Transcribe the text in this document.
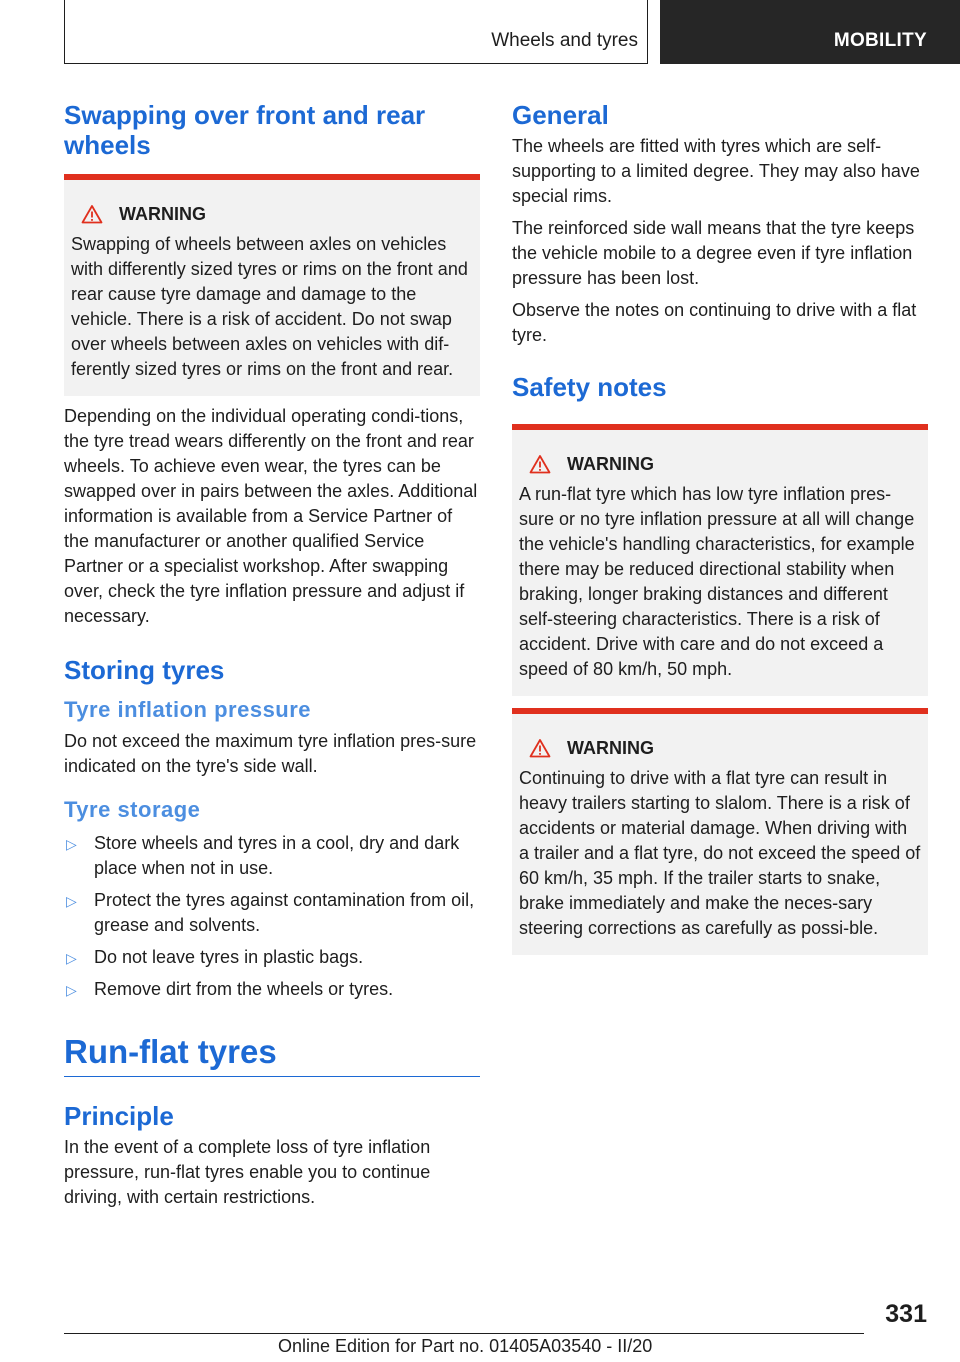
Wheels and tyres	MOBILITY
Swapping over front and rear wheels
WARNING

Swapping of wheels between axles on vehicles with differently sized tyres or rims on the front and rear cause tyre damage and damage to the vehicle. There is a risk of accident. Do not swap over wheels between axles on vehicles with dif‐ferently sized tyres or rims on the front and rear.

Depending on the individual operating condi‐tions, the tyre tread wears differently on the front and rear wheels. To achieve even wear, the tyres can be swapped over in pairs between the axles. Additional information is available from a Service Partner of the manufacturer or another qualified Service Partner or a specialist workshop. After swapping over, check the tyre inflation pressure and adjust if necessary.

Storing tyres
Tyre inflation pressure

Do not exceed the maximum tyre inflation pres‐sure indicated on the tyre's side wall.

Tyre storage
▷ Store wheels and tyres in a cool, dry and dark place when not in use.
▷ Protect the tyres against contamination from oil, grease and solvents.
▷ Do not leave tyres in plastic bags.
▷ Remove dirt from the wheels or tyres.
Run-flat tyres
Principle

In the event of a complete loss of tyre inflation pressure, run-flat tyres enable you to continue driving, with certain restrictions.

General

The wheels are fitted with tyres which are self-supporting to a limited degree. They may also have special rims.

The reinforced side wall means that the tyre keeps the vehicle mobile to a degree even if tyre inflation pressure has been lost.

Observe the notes on continuing to drive with a flat tyre.

Safety notes
WARNING

A run-flat tyre which has low tyre inflation pres‐sure or no tyre inflation pressure at all will change the vehicle's handling characteristics, for example there may be reduced directional stability when braking, longer braking distances and different self-steering characteristics. There is a risk of accident. Drive with care and do not exceed a speed of 80 km/h, 50 mph.

WARNING

Continuing to drive with a flat tyre can result in heavy trailers starting to slalom. There is a risk of accidents or material damage. When driving with a trailer and a flat tyre, do not exceed the speed of 60 km/h, 35 mph. If the trailer starts to snake, brake immediately and make the neces‐sary steering corrections as carefully as possi‐ble.

331
Online Edition for Part no. 01405A03540 - II/20
